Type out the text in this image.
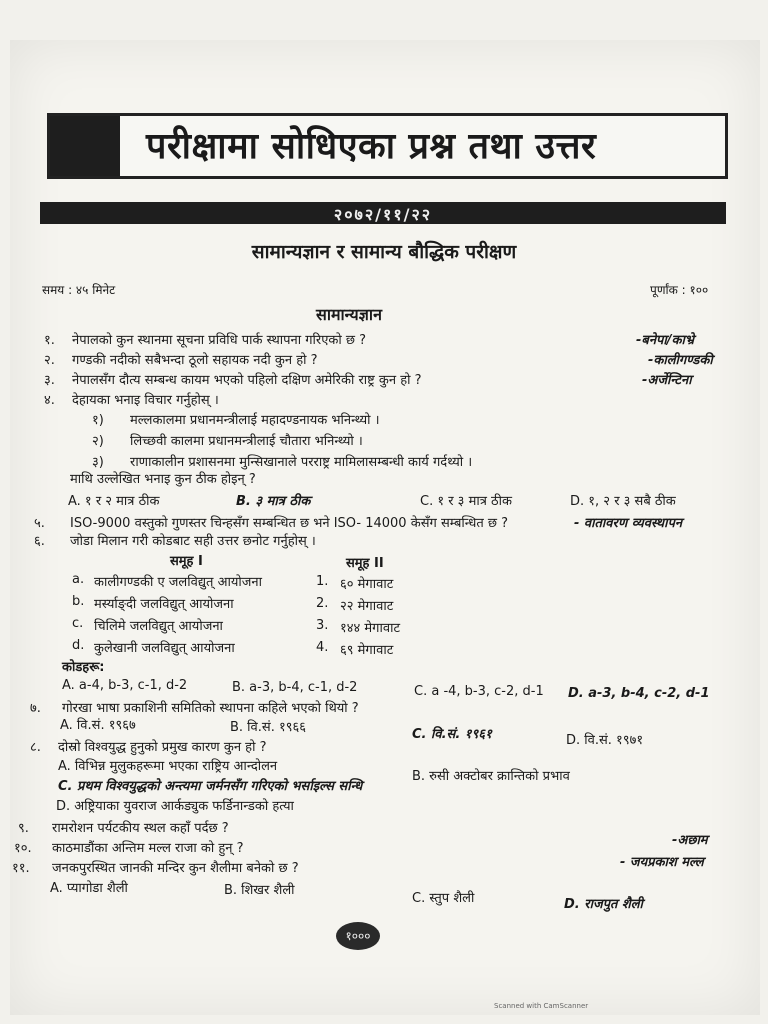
परीक्षामा सोधिएका प्रश्न तथा उत्तर
२०७२/११/२२
सामान्यज्ञान र सामान्य बौद्धिक परीक्षण
समय : ४५ मिनेट	पूर्णांक : १००
सामान्यज्ञान
१. नेपालको कुन स्थानमा सूचना प्रविधि पार्क स्थापना गरिएको छ ?	-बनेपा/काभ्रे
२. गण्डकी नदीको सबैभन्दा ठूलो सहायक नदी कुन हो ?	-कालीगण्डकी
३. नेपालसँग दौत्य सम्बन्ध कायम भएको पहिलो दक्षिण अमेरिकी राष्ट्र कुन हो ?	-अर्जेन्टिना
४. देहायका भनाइ विचार गर्नुहोस् ।
१) मल्लकालमा प्रधानमन्त्रीलाई महादण्डनायक भनिन्थ्यो ।
२) लिच्छवी कालमा प्रधानमन्त्रीलाई चौतारा भनिन्थ्यो ।
३) राणाकालीन प्रशासनमा मुन्सिखानाले परराष्ट्र मामिलासम्बन्धी कार्य गर्दथ्यो ।
माथि उल्लेखित भनाइ कुन ठीक होइन् ?
A. १ र २ मात्र ठीक	B. ३ मात्र ठीक	C. १ र ३ मात्र ठीक	D. १, २ र ३ सबै ठीक
५. ISO-9000 वस्तुको गुणस्तर चिन्हसँग सम्बन्धित छ भने ISO- 14000 केसँग सम्बन्धित छ ?	- वातावरण व्यवस्थापन
६. जोडा मिलान गरी कोडबाट सही उत्तर छनोट गर्नुहोस् ।
समूह I	समूह II
a. कालीगण्डकी ए जलविद्युत् आयोजना	1. ६० मेगावाट
b. मर्स्याङ्दी जलविद्युत् आयोजना	2. २२ मेगावाट
c. चिलिमे जलविद्युत् आयोजना	3. १४४ मेगावाट
d. कुलेखानी जलविद्युत् आयोजना	4. ६९ मेगावाट
कोडहरू:
A. a-4, b-3, c-1, d-2	B. a-3, b-4, c-1, d-2	C. a -4, b-3, c-2, d-1 D. a-3, b-4, c-2, d-1
७. गोरखा भाषा प्रकाशिनी समितिको स्थापना कहिले भएको थियो ?
A. वि.सं. १९६७	B. वि.सं. १९६६	C. वि.सं. १९६१	D. वि.सं. १९७१
८. दोस्रो विश्वयुद्ध हुनुको प्रमुख कारण कुन हो ?
A. विभिन्न मुलुकहरूमा भएका राष्ट्रिय आन्दोलन
B. रुसी अक्टोबर क्रान्तिको प्रभाव
C. प्रथम विश्वयुद्धको अन्त्यमा जर्मनसँग गरिएको भर्साइल्स सन्धि
D. अष्ट्रियाका युवराज आर्कड्युक फर्डिनान्डको हत्या
९. रामरोशन पर्यटकीय स्थल कहाँ पर्दछ ?
-अछाम
१०. काठमाडौंका अन्तिम मल्ल राजा को हुन् ?
- जयप्रकाश मल्ल
११. जनकपुरस्थित जानकी मन्दिर कुन शैलीमा बनेको छ ?
A. प्यागोडा शैली	B. शिखर शैली
C. स्तुप शैली	D. राजपुत शैली
१०००
Scanned with CamScanner
